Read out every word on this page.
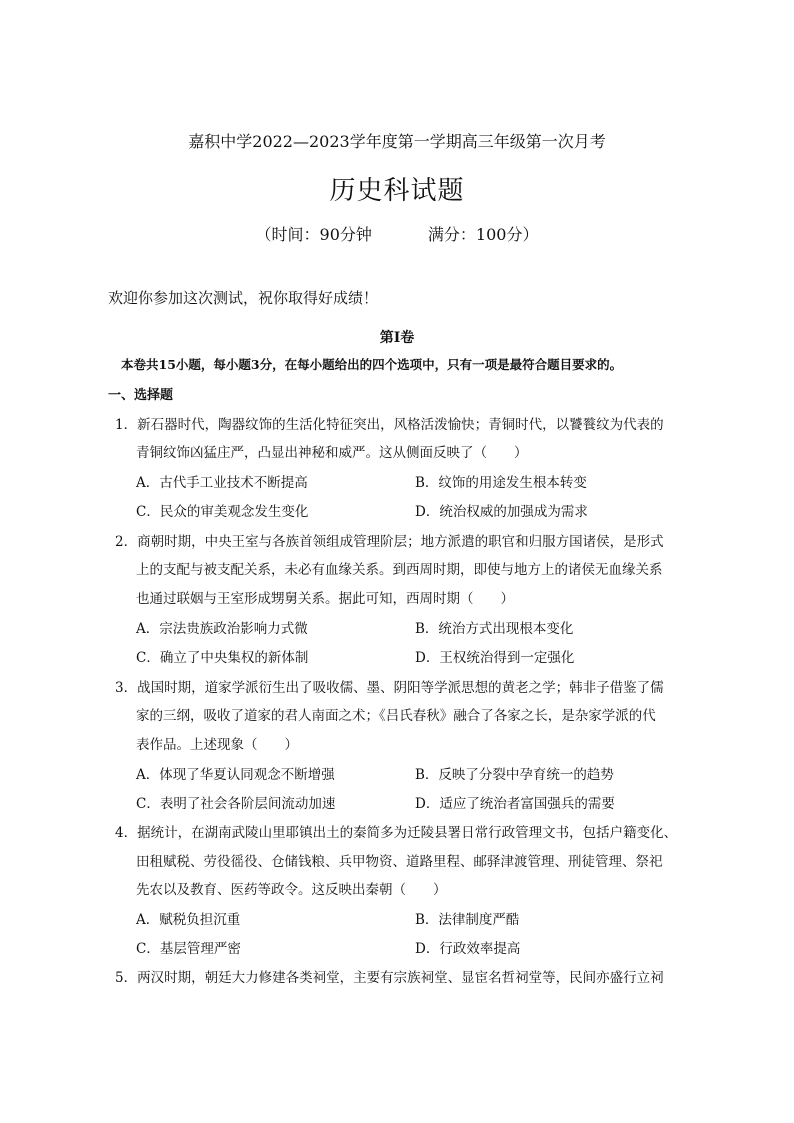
嘉积中学2022—2023学年度第一学期高三年级第一次月考
历史科试题
（时间：90分钟	满分：100分）
欢迎你参加这次测试，祝你取得好成绩！
第Ⅰ卷
本卷共15小题，每小题3分，在每小题给出的四个选项中，只有一项是最符合题目要求的。
一、选择题
1．新石器时代，陶器纹饰的生活化特征突出，风格活泼愉快；青铜时代，以饕餮纹为代表的
青铜纹饰凶猛庄严，凸显出神秘和威严。这从侧面反映了（　　）
A．古代手工业技术不断提高	B．纹饰的用途发生根本转变
C．民众的审美观念发生变化	D．统治权威的加强成为需求
2．商朝时期，中央王室与各族首领组成管理阶层；地方派遣的职官和归服方国诸侯，是形式
上的支配与被支配关系，未必有血缘关系。到西周时期，即使与地方上的诸侯无血缘关系
也通过联姻与王室形成甥舅关系。据此可知，西周时期（　　）
A．宗法贵族政治影响力式微	B．统治方式出现根本变化
C．确立了中央集权的新体制	D．王权统治得到一定强化
3．战国时期，道家学派衍生出了吸收儒、墨、阴阳等学派思想的黄老之学；韩非子借鉴了儒
家的三纲，吸收了道家的君人南面之术；《吕氏春秋》融合了各家之长，是杂家学派的代
表作品。上述现象（　　）
A．体现了华夏认同观念不断增强	B．反映了分裂中孕育统一的趋势
C．表明了社会各阶层间流动加速	D．适应了统治者富国强兵的需要
4．据统计，在湖南武陵山里耶镇出土的秦简多为迁陵县署日常行政管理文书，包括户籍变化、
田租赋税、劳役徭役、仓储钱粮、兵甲物资、道路里程、邮驿津渡管理、刑徒管理、祭祀
先农以及教育、医药等政令。这反映出秦朝（　　）
A．赋税负担沉重	B．法律制度严酷
C．基层管理严密	D．行政效率提高
5．两汉时期，朝廷大力修建各类祠堂，主要有宗族祠堂、显宦名哲祠堂等，民间亦盛行立祠
